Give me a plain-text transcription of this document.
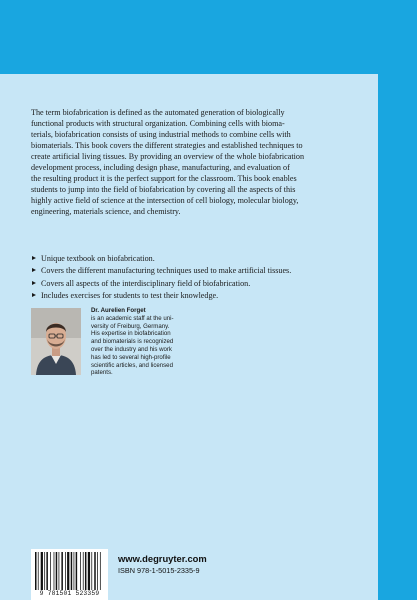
The term biofabrication is defined as the automated generation of biologically
functional products with structural organization. Combining cells with bioma-
terials, biofabrication consists of using industrial methods to combine cells with
biomaterials. This book covers the different strategies and established techniques to
create artificial living tissues. By providing an overview of the whole biofabrication
development process, including design phase, manufacturing, and evaluation of
the resulting product it is the perfect support for the classroom. This book enables
students to jump into the field of biofabrication by covering all the aspects of this
highly active field of science at the intersection of cell biology, molecular biology,
engineering, materials science, and chemistry.
Unique textbook on biofabrication.
Covers the different manufacturing techniques used to make artificial tissues.
Covers all aspects of the interdisciplinary field of biofabrication.
Includes exercises for students to test their knowledge.
Dr. Aurelien Forget
is an academic staff at the uni-
versity of Freiburg, Germany.
His expertise in biofabrication
and biomaterials is recognized
over the industry and his work
has led to several high-profile
scientific articles, and licensed
patents.
9 781501 523359
www.degruyter.com
ISBN 978-1-5015-2335-9
